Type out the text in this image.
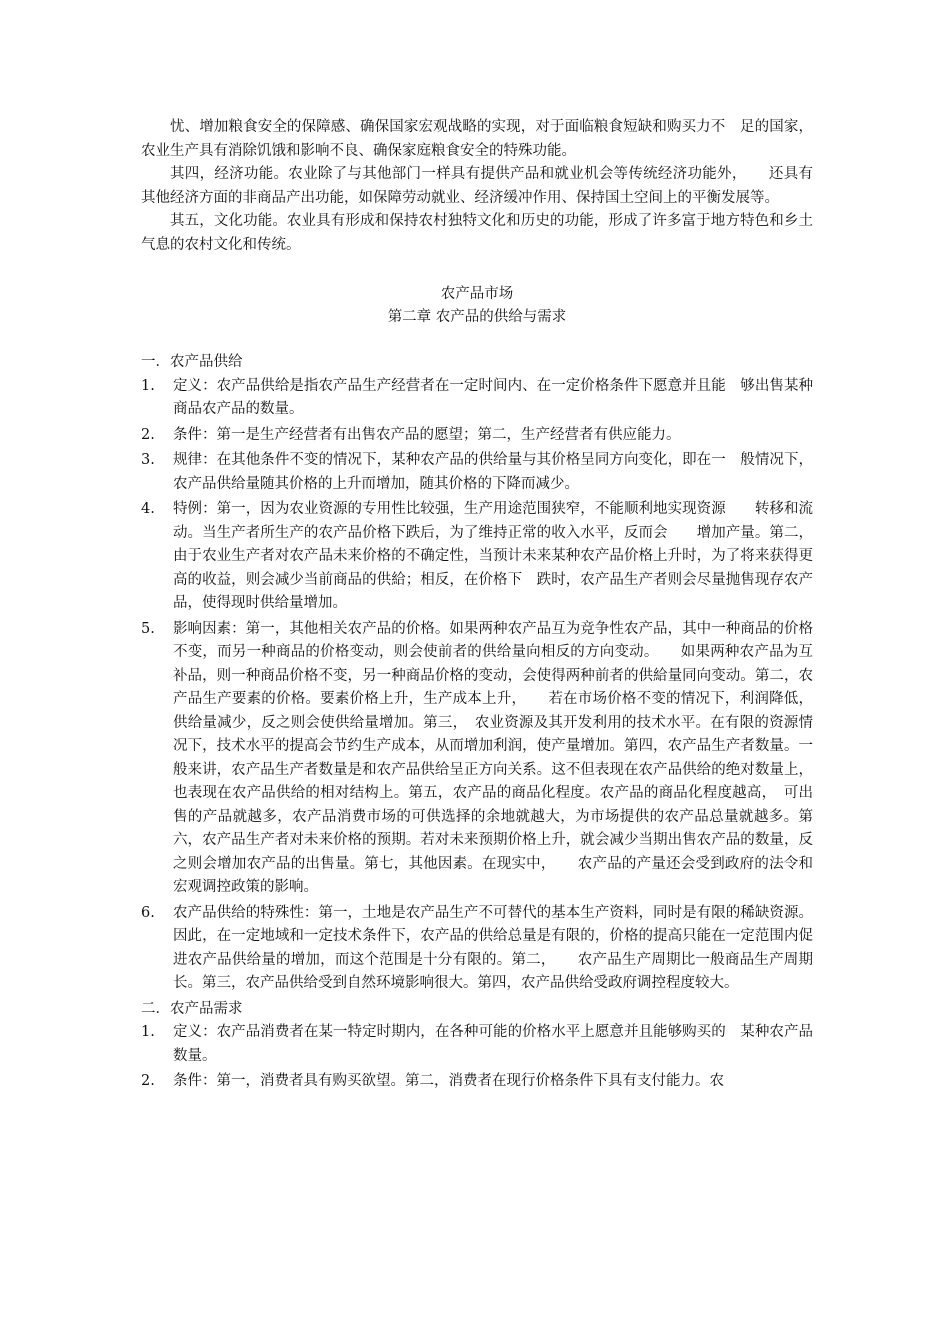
忧、增加粮食安全的保障感、确保国家宏观战略的实现，对于面临粮食短缺和购买力不　足的国家，农业生产具有消除饥饿和影响不良、确保家庭粮食安全的特殊功能。

其四，经济功能。农业除了与其他部门一样具有提供产品和就业机会等传统经济功能外，　　还具有其他经济方面的非商品产出功能，如保障劳动就业、经济缓冲作用、保持国土空间上的平衡发展等。

其五，文化功能。农业具有形成和保持农村独特文化和历史的功能，形成了许多富于地方特色和乡土气息的农村文化和传统。

农产品市场
第二章 农产品的供给与需求

一．农产品供给

1. 定义：农产品供给是指农产品生产经营者在一定时间内、在一定价格条件下愿意并且能　够出售某种商品农产品的数量。
2. 条件：第一是生产经营者有出售农产品的愿望；第二，生产经营者有供应能力。
3. 规律：在其他条件不变的情况下，某种农产品的供给量与其价格呈同方向变化，即在一　般情况下，农产品供给量随其价格的上升而增加，随其价格的下降而减少。
4. 特例：第一，因为农业资源的专用性比较强，生产用途范围狭窄，不能顺利地实现资源　　转移和流动。当生产者所生产的农产品价格下跌后，为了维持正常的收入水平，反而会　　增加产量。第二，由于农业生产者对农产品未来价格的不确定性，当预计未来某种农产品价格上升时，为了将来获得更高的收益，则会减少当前商品的供給；相反，在价格下　跌时，农产品生产者则会尽量抛售现存农产品，使得现时供给量增加。
5. 影响因素：第一，其他相关农产品的价格。如果两种农产品互为竞争性农产品，其中一种商品的价格不变，而另一种商品的价格变动，则会使前者的供给量向相反的方向变动。　　如果两种农产品为互补品，则一种商品价格不变，另一种商品价格的变动，会使得两种前者的供給量同向变动。第二，农产品生产要素的价格。要素价格上升，生产成本上升，　　若在市场价格不变的情况下，利润降低，供给量减少，反之则会使供给量增加。第三，　农业资源及其开发利用的技术水平。在有限的资源情况下，技术水平的提高会节约生产成本，从而增加利润，使产量增加。第四，农产品生产者数量。一般来讲，农产品生产者数量是和农产品供给呈正方向关系。这不但表现在农产品供给的绝对数量上，也表现在农产品供给的相对结构上。第五，农产品的商品化程度。农产品的商品化程度越高，　可出售的产品就越多，农产品消费市场的可供选择的余地就越大，为市场提供的农产品总量就越多。第六，农产品生产者对未来价格的预期。若对未来预期价格上升，就会减少当期出售农产品的数量，反之则会增加农产品的出售量。第七，其他因素。在现实中，　　农产品的产量还会受到政府的法令和宏观调控政策的影响。
6. 农产品供给的特殊性：第一，土地是农产品生产不可替代的基本生产资料，同时是有限的稀缺资源。因此，在一定地域和一定技术条件下，农产品的供给总量是有限的，价格的提高只能在一定范围内促进农产品供给量的增加，而这个范围是十分有限的。第二，　　农产品生产周期比一般商品生产周期长。第三，农产品供给受到自然环境影响很大。第四，农产品供给受政府调控程度较大。

二．农产品需求

1. 定义：农产品消费者在某一特定时期内，在各种可能的价格水平上愿意并且能够购买的　某种农产品数量。
2. 条件：第一，消费者具有购买欲望。第二，消费者在现行价格条件下具有支付能力。农
